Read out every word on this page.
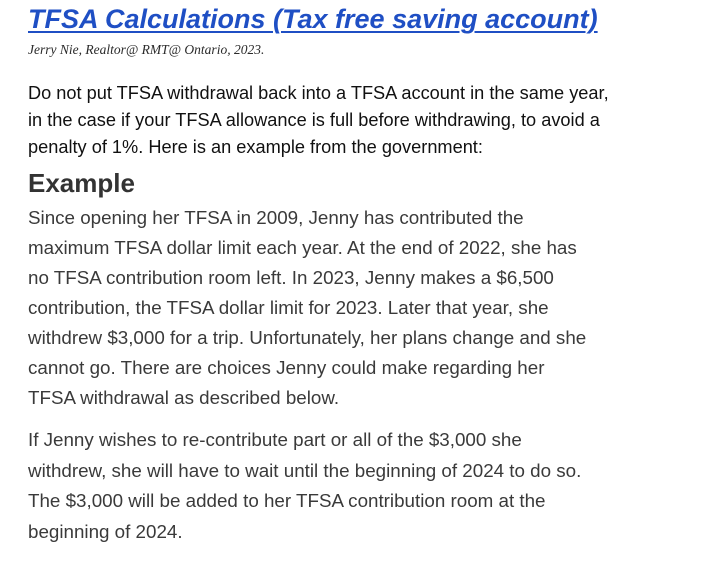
TFSA Calculations (Tax free saving account)

Jerry Nie, Realtor@ RMT@ Ontario, 2023.

Do not put TFSA withdrawal back into a TFSA account in the same year,
in the case if your TFSA allowance is full before withdrawing, to avoid a
penalty of 1%. Here is an example from the government:

Example

Since opening her TFSA in 2009, Jenny has contributed the
maximum TFSA dollar limit each year. At the end of 2022, she has
no TFSA contribution room left. In 2023, Jenny makes a $6,500
contribution, the TFSA dollar limit for 2023. Later that year, she
withdrew $3,000 for a trip. Unfortunately, her plans change and she
cannot go. There are choices Jenny could make regarding her
TFSA withdrawal as described below.

If Jenny wishes to re-contribute part or all of the $3,000 she
withdrew, she will have to wait until the beginning of 2024 to do so.
The $3,000 will be added to her TFSA contribution room at the
beginning of 2024.
